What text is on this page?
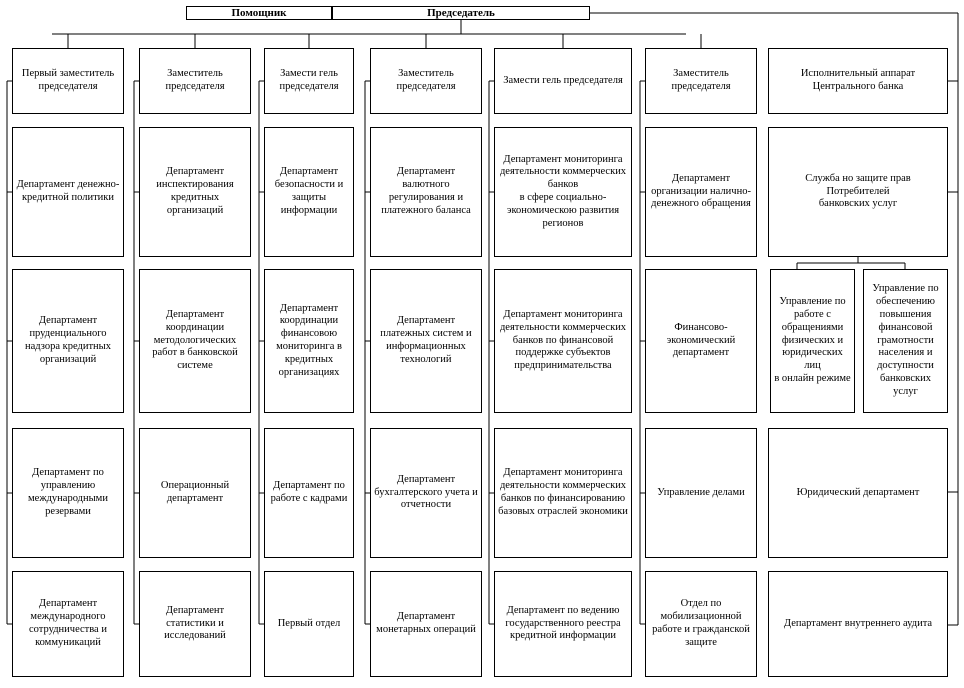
Помощник	Председатель
Первый заместитель
председателя
Департамент денежно-
кредитной политики
Департамент
пруденциального
надзора кредитных
организаций
Департамент по
управлению
международными
резервами
Департамент
международного
сотрудничества и
коммуникаций
Заместитель
председателя
Департамент
инспектирования
кредитных организаций
Департамент
координации
методологических
работ в банковской
системе
Операционный
департамент
Департамент
статистики и
исследований
Замести гель
председателя
Департамент
безопасности и
защиты
информации
Департамент
координации
финансовою
мониторинга в
кредитных
организациях
Департамент по
работе с кадрами
Первый отдел
Заместитель
председателя
Департамент
валютного
регулирования и
платежного баланса
Департамент
платежных систем и
информационных
технологий
Департамент
бухгалтерского учета и
отчетности
Департамент
монетарных операций
Замести гель председателя
Департамент мониторинга
деятельности коммерческих
банков
в сфере социально-
экономическою развития
регионов
Департамент мониторинга
деятельности коммерческих
банков по финансовой
поддержке субъектов
предпринимательства
Департамент мониторинга
деятельности коммерческих
банков по финансированию
базовых отраслей экономики
Департамент по ведению
государственного реестра
кредитной информации
Заместитель
председателя
Департамент
организации налично-
денежного обращения
Финансово-
экономический
департамент
Управление делами
Отдел по
мобилизационной
работе и гражданской
защите
Исполнительный аппарат
Центрального банка
Служба но защите прав
Потребителей
банковских услуг
Управление по
работе с
обращениями
физических и
юридических лиц
в онлайн режиме
Управление по
обеспечению
повышения
финансовой
грамотности
населения и
доступности
банковских услуг
Юридический департамент
Департамент внутреннего аудита
